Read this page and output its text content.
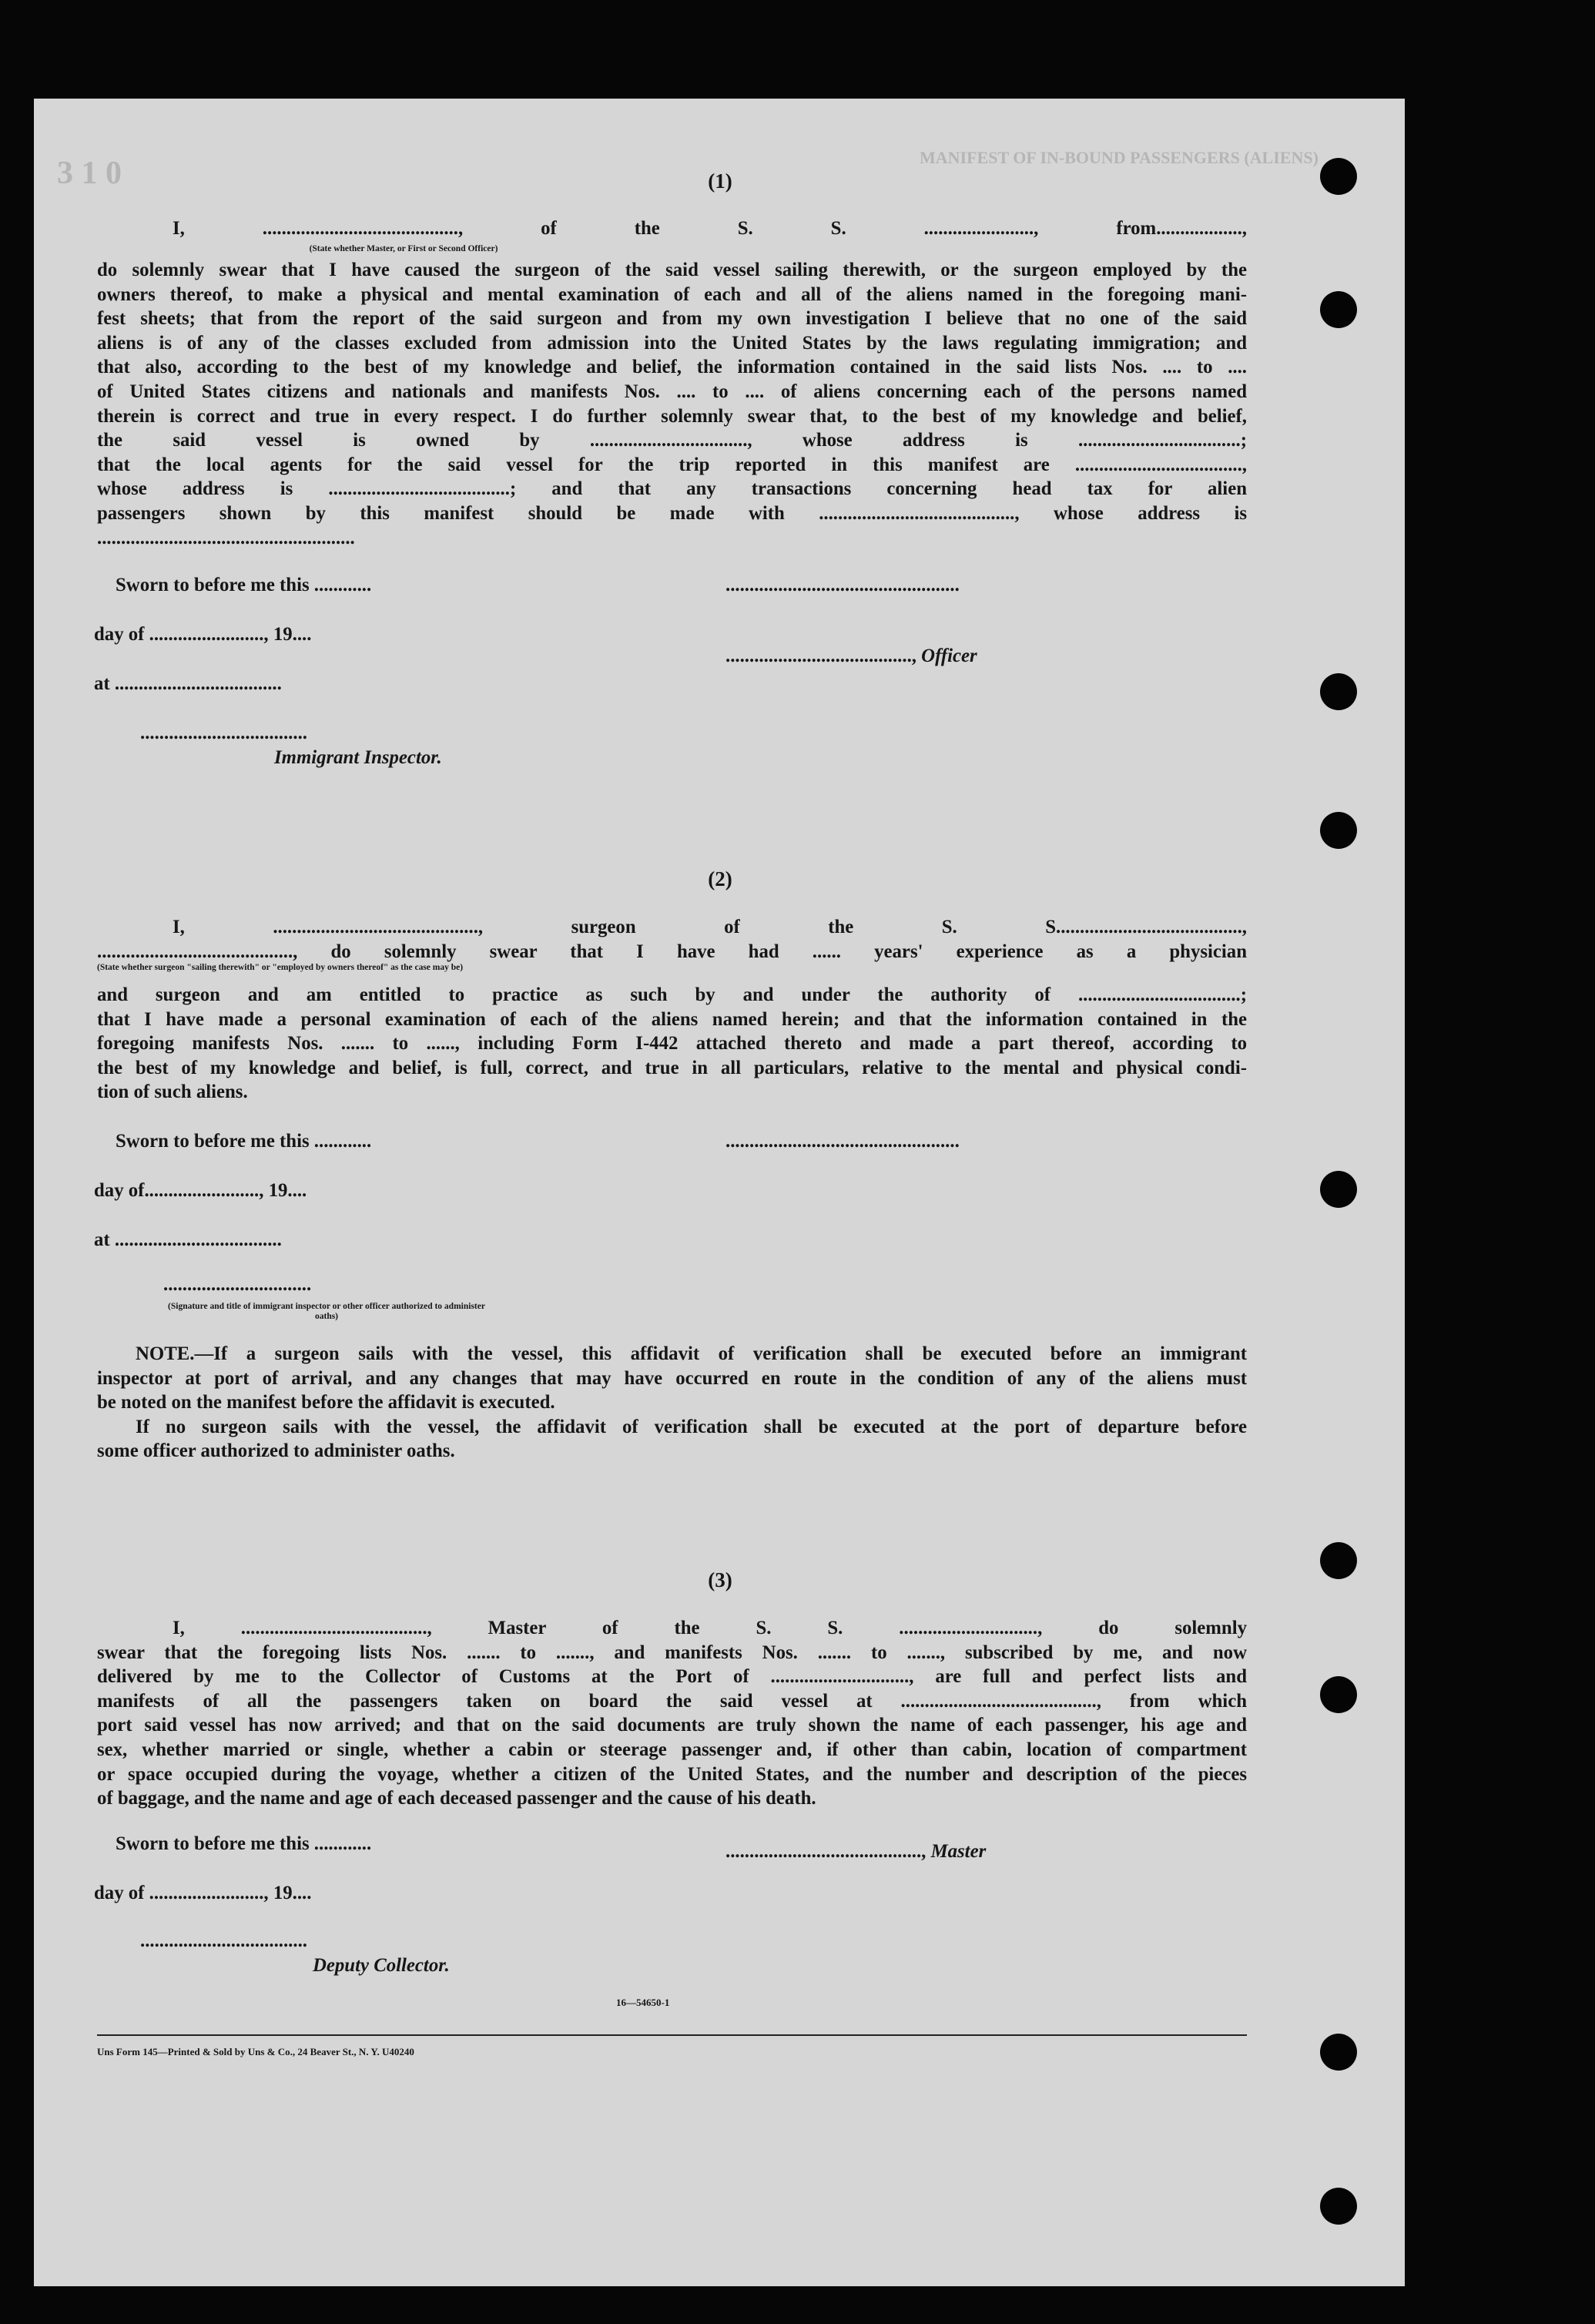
3 1 0	MANIFEST OF IN-BOUND PASSENGERS (ALIENS)
(1)
I, ........................................., of the S. S. ......................., from..................,
(State whether Master, or First or Second Officer)
do solemnly swear that I have caused the surgeon of the said vessel sailing therewith, or the surgeon employed by the
owners thereof, to make a physical and mental examination of each and all of the aliens named in the foregoing mani-
fest sheets; that from the report of the said surgeon and from my own investigation I believe that no one of the said
aliens is of any of the classes excluded from admission into the United States by the laws regulating immigration; and
that also, according to the best of my knowledge and belief, the information contained in the said lists Nos. .... to ....
of United States citizens and nationals and manifests Nos. .... to .... of aliens concerning each of the persons named
therein is correct and true in every respect. I do further solemnly swear that, to the best of my knowledge and belief,
the said vessel is owned by ................................., whose address is ..................................;
that the local agents for the said vessel for the trip reported in this manifest are ...................................,
whose address is ......................................; and that any transactions concerning head tax for alien
passengers shown by this manifest should be made with ........................................., whose address is
......................................................
Sworn to before me this ............	.................................................
day of ........................, 19....
......................................., Officer
at ...................................
...................................
Immigrant Inspector.
(2)
I, ..........................................., surgeon of the S. S.......................................,
........................................., do solemnly swear that I have had ...... years' experience as a physician
(State whether surgeon "sailing therewith" or "employed by owners thereof" as the case may be)
and surgeon and am entitled to practice as such by and under the authority of ..................................;
that I have made a personal examination of each of the aliens named herein; and that the information contained in the
foregoing manifests Nos. ....... to ......, including Form I-442 attached thereto and made a part thereof, according to
the best of my knowledge and belief, is full, correct, and true in all particulars, relative to the mental and physical condi-
tion of such aliens.
Sworn to before me this ............	.................................................
day of........................, 19....
at ...................................
...............................
(Signature and title of immigrant inspector or other officer authorized to administer oaths)
NOTE.—If a surgeon sails with the vessel, this affidavit of verification shall be executed before an immigrant
inspector at port of arrival, and any changes that may have occurred en route in the condition of any of the aliens must
be noted on the manifest before the affidavit is executed.
If no surgeon sails with the vessel, the affidavit of verification shall be executed at the port of departure before
some officer authorized to administer oaths.
(3)
I, ......................................., Master of the S. S. ............................., do solemnly
swear that the foregoing lists Nos. ....... to ......., and manifests Nos. ....... to ......., subscribed by me, and now
delivered by me to the Collector of Customs at the Port of ............................., are full and perfect lists and
manifests of all the passengers taken on board the said vessel at ........................................., from which
port said vessel has now arrived; and that on the said documents are truly shown the name of each passenger, his age and
sex, whether married or single, whether a cabin or steerage passenger and, if other than cabin, location of compartment
or space occupied during the voyage, whether a citizen of the United States, and the number and description of the pieces
of baggage, and the name and age of each deceased passenger and the cause of his death.
Sworn to before me this ............	........................................., Master
day of ........................, 19....
...................................
Deputy Collector.
16—54650-1
Uns Form 145—Printed & Sold by Uns & Co., 24 Beaver St., N. Y. U40240
